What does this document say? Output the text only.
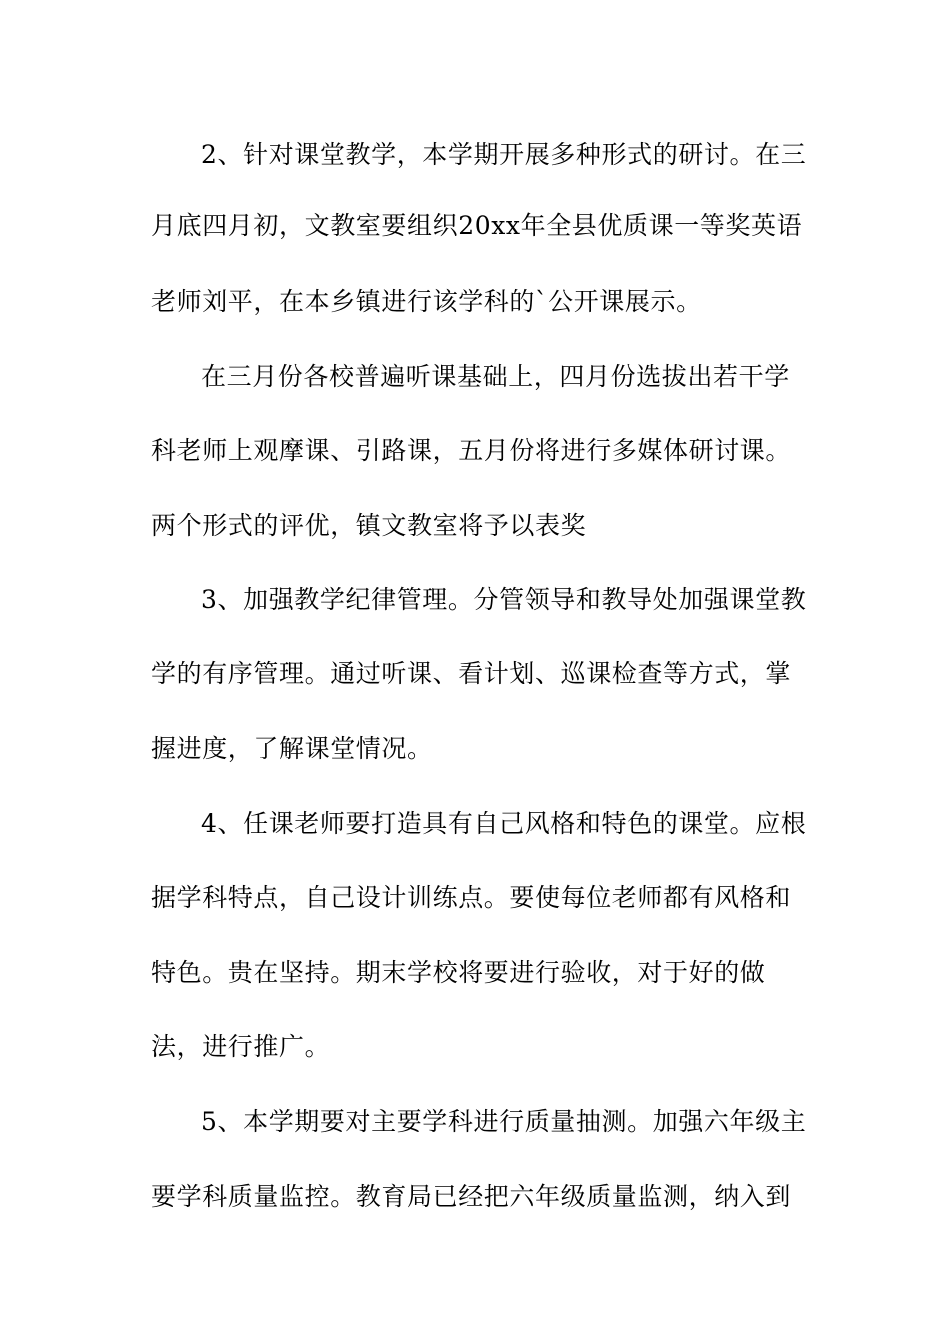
2、针对课堂教学，本学期开展多种形式的研讨。在三
月底四月初，文教室要组织20xx年全县优质课一等奖英语
老师刘平，在本乡镇进行该学科的`公开课展示。
在三月份各校普遍听课基础上，四月份选拔出若干学
科老师上观摩课、引路课，五月份将进行多媒体研讨课。
两个形式的评优，镇文教室将予以表奖
3、加强教学纪律管理。分管领导和教导处加强课堂教
学的有序管理。通过听课、看计划、巡课检查等方式，掌
握进度，了解课堂情况。
4、任课老师要打造具有自己风格和特色的课堂。应根
据学科特点，自己设计训练点。要使每位老师都有风格和
特色。贵在坚持。期末学校将要进行验收，对于好的做
法，进行推广。
5、本学期要对主要学科进行质量抽测。加强六年级主
要学科质量监控。教育局已经把六年级质量监测，纳入到
